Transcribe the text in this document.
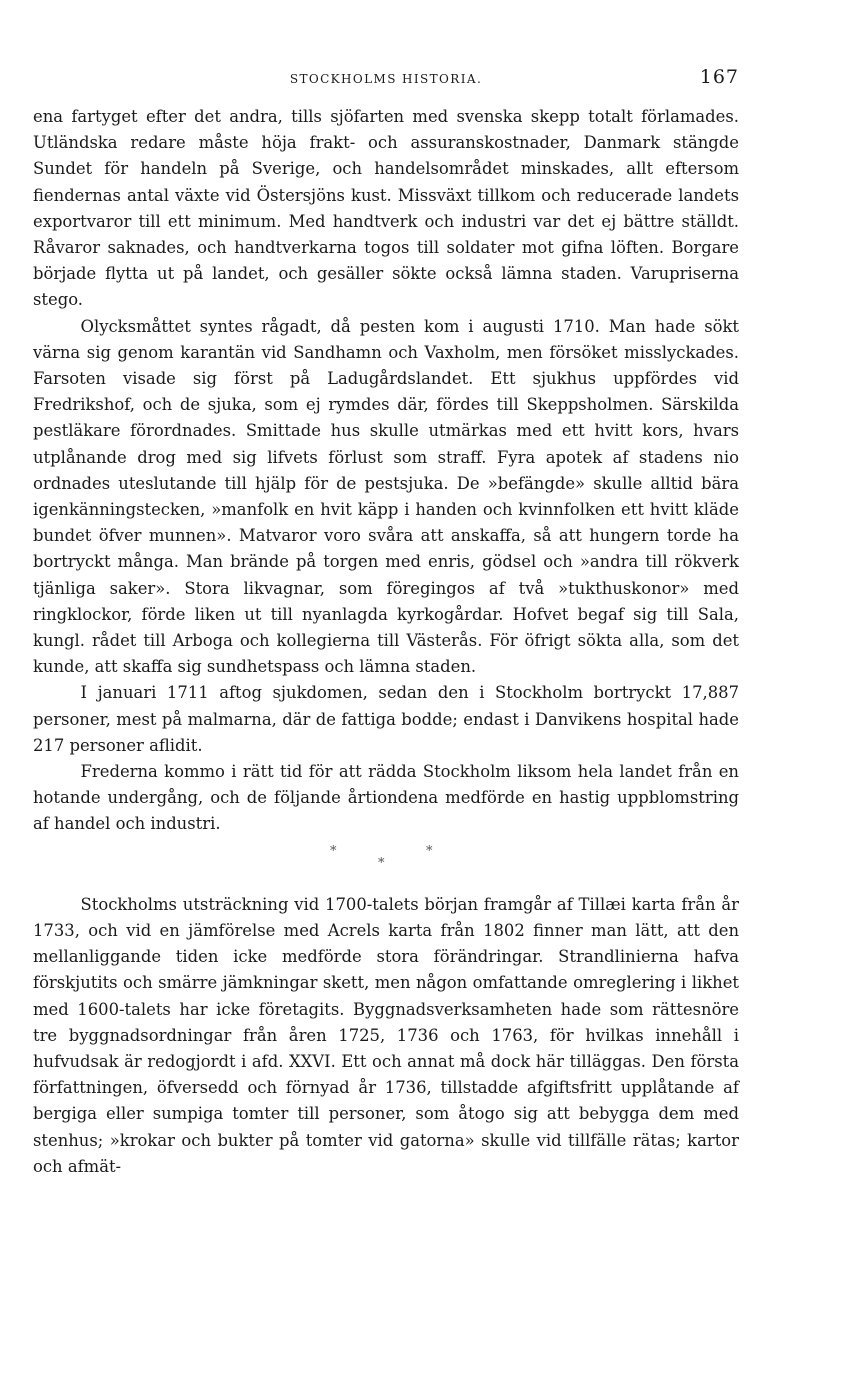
STOCKHOLMS HISTORIA.	167

ena fartyget efter det andra, tills sjöfarten med svenska skepp totalt förlamades. Utländska redare måste höja frakt- och assuranskostnader, Danmark stängde Sundet för handeln på Sverige, och handelsområdet minskades, allt eftersom fiendernas antal växte vid Östersjöns kust. Missväxt tillkom och reducerade landets exportvaror till ett minimum. Med handtverk och industri var det ej bättre ställdt. Råvaror saknades, och handtverkarna togos till soldater mot gifna löften. Borgare började flytta ut på landet, och gesäller sökte också lämna staden. Varupriserna stego.

Olycksmåttet syntes rågadt, då pesten kom i augusti 1710. Man hade sökt värna sig genom karantän vid Sandhamn och Vaxholm, men försöket misslyckades. Farsoten visade sig först på Ladugårdslandet. Ett sjukhus uppfördes vid Fredrikshof, och de sjuka, som ej rymdes där, fördes till Skeppsholmen. Särskilda pestläkare förordnades. Smittade hus skulle utmärkas med ett hvitt kors, hvars utplånande drog med sig lifvets förlust som straff. Fyra apotek af stadens nio ordnades uteslutande till hjälp för de pestsjuka. De »befängde» skulle alltid bära igenkänningstecken, »manfolk en hvit käpp i handen och kvinnfolken ett hvitt kläde bundet öfver munnen». Matvaror voro svåra att anskaffa, så att hungern torde ha bortryckt många. Man brände på torgen med enris, gödsel och »andra till rökverk tjänliga saker». Stora likvagnar, som föregingos af två »tukthuskonor» med ringklockor, förde liken ut till nyanlagda kyrkogårdar. Hofvet begaf sig till Sala, kungl. rådet till Arboga och kollegierna till Västerås. För öfrigt sökta alla, som det kunde, att skaffa sig sundhetspass och lämna staden.

I januari 1711 aftog sjukdomen, sedan den i Stockholm bortryckt 17,887 personer, mest på malmarna, där de fattiga bodde; endast i Danvikens hospital hade 217 personer aflidit.

Frederna kommo i rätt tid för att rädda Stockholm liksom hela landet från en hotande undergång, och de följande årtiondena medförde en hastig uppblomstring af handel och industri.

*	*
*

Stockholms utsträckning vid 1700-talets början framgår af Tillæi karta från år 1733, och vid en jämförelse med Acrels karta från 1802 finner man lätt, att den mellanliggande tiden icke medförde stora förändringar. Strandlinierna hafva förskjutits och smärre jämkningar skett, men någon omfattande omreglering i likhet med 1600-talets har icke företagits. Byggnadsverksamheten hade som rättesnöre tre byggnadsordningar från åren 1725, 1736 och 1763, för hvilkas innehåll i hufvudsak är redogjordt i afd. XXVI. Ett och annat må dock här tilläggas. Den första författningen, öfversedd och förnyad år 1736, tillstadde afgiftsfritt upplåtande af bergiga eller sumpiga tomter till personer, som åtogo sig att bebygga dem med stenhus; »krokar och bukter på tomter vid gatorna» skulle vid tillfälle rätas; kartor och afmät-
